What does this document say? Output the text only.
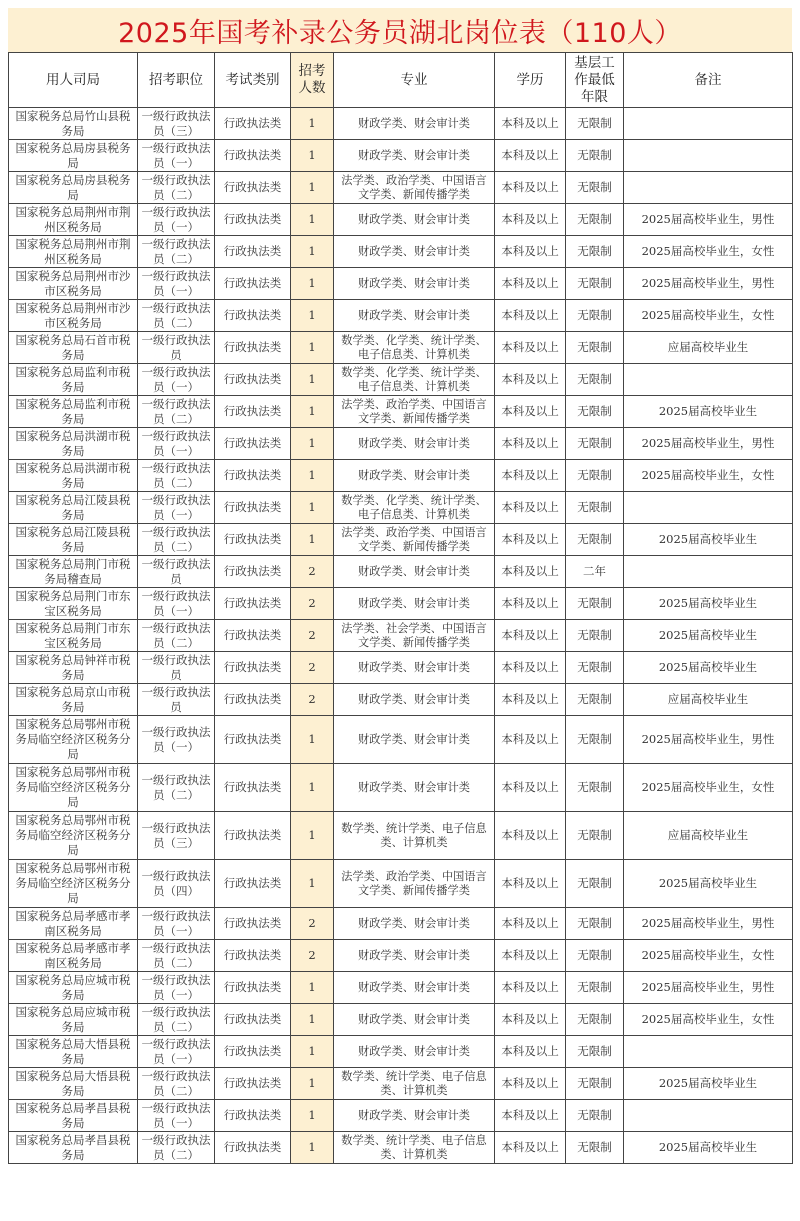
2025年国考补录公务员湖北岗位表（110人）
用人司局	招考职位	考试类别	招考人数	专业	学历	基层工作最低年限	备注
国家税务总局竹山县税务局	一级行政执法员（三）	行政执法类	1	财政学类、财会审计类	本科及以上	无限制	
国家税务总局房县税务局	一级行政执法员（一）	行政执法类	1	财政学类、财会审计类	本科及以上	无限制	
国家税务总局房县税务局	一级行政执法员（二）	行政执法类	1	法学类、政治学类、中国语言文学类、新闻传播学类	本科及以上	无限制	
国家税务总局荆州市荆州区税务局	一级行政执法员（一）	行政执法类	1	财政学类、财会审计类	本科及以上	无限制	2025届高校毕业生，男性
国家税务总局荆州市荆州区税务局	一级行政执法员（二）	行政执法类	1	财政学类、财会审计类	本科及以上	无限制	2025届高校毕业生，女性
国家税务总局荆州市沙市区税务局	一级行政执法员（一）	行政执法类	1	财政学类、财会审计类	本科及以上	无限制	2025届高校毕业生，男性
国家税务总局荆州市沙市区税务局	一级行政执法员（二）	行政执法类	1	财政学类、财会审计类	本科及以上	无限制	2025届高校毕业生，女性
国家税务总局石首市税务局	一级行政执法员	行政执法类	1	数学类、化学类、统计学类、电子信息类、计算机类	本科及以上	无限制	应届高校毕业生
国家税务总局监利市税务局	一级行政执法员（一）	行政执法类	1	数学类、化学类、统计学类、电子信息类、计算机类	本科及以上	无限制	
国家税务总局监利市税务局	一级行政执法员（二）	行政执法类	1	法学类、政治学类、中国语言文学类、新闻传播学类	本科及以上	无限制	2025届高校毕业生
国家税务总局洪湖市税务局	一级行政执法员（一）	行政执法类	1	财政学类、财会审计类	本科及以上	无限制	2025届高校毕业生，男性
国家税务总局洪湖市税务局	一级行政执法员（二）	行政执法类	1	财政学类、财会审计类	本科及以上	无限制	2025届高校毕业生，女性
国家税务总局江陵县税务局	一级行政执法员（一）	行政执法类	1	数学类、化学类、统计学类、电子信息类、计算机类	本科及以上	无限制	
国家税务总局江陵县税务局	一级行政执法员（二）	行政执法类	1	法学类、政治学类、中国语言文学类、新闻传播学类	本科及以上	无限制	2025届高校毕业生
国家税务总局荆门市税务局稽查局	一级行政执法员	行政执法类	2	财政学类、财会审计类	本科及以上	二年	
国家税务总局荆门市东宝区税务局	一级行政执法员（一）	行政执法类	2	财政学类、财会审计类	本科及以上	无限制	2025届高校毕业生
国家税务总局荆门市东宝区税务局	一级行政执法员（二）	行政执法类	2	法学类、社会学类、中国语言文学类、新闻传播学类	本科及以上	无限制	2025届高校毕业生
国家税务总局钟祥市税务局	一级行政执法员	行政执法类	2	财政学类、财会审计类	本科及以上	无限制	2025届高校毕业生
国家税务总局京山市税务局	一级行政执法员	行政执法类	2	财政学类、财会审计类	本科及以上	无限制	应届高校毕业生
国家税务总局鄂州市税务局临空经济区税务分局	一级行政执法员（一）	行政执法类	1	财政学类、财会审计类	本科及以上	无限制	2025届高校毕业生，男性
国家税务总局鄂州市税务局临空经济区税务分局	一级行政执法员（二）	行政执法类	1	财政学类、财会审计类	本科及以上	无限制	2025届高校毕业生，女性
国家税务总局鄂州市税务局临空经济区税务分局	一级行政执法员（三）	行政执法类	1	数学类、统计学类、电子信息类、计算机类	本科及以上	无限制	应届高校毕业生
国家税务总局鄂州市税务局临空经济区税务分局	一级行政执法员（四）	行政执法类	1	法学类、政治学类、中国语言文学类、新闻传播学类	本科及以上	无限制	2025届高校毕业生
国家税务总局孝感市孝南区税务局	一级行政执法员（一）	行政执法类	2	财政学类、财会审计类	本科及以上	无限制	2025届高校毕业生，男性
国家税务总局孝感市孝南区税务局	一级行政执法员（二）	行政执法类	2	财政学类、财会审计类	本科及以上	无限制	2025届高校毕业生，女性
国家税务总局应城市税务局	一级行政执法员（一）	行政执法类	1	财政学类、财会审计类	本科及以上	无限制	2025届高校毕业生，男性
国家税务总局应城市税务局	一级行政执法员（二）	行政执法类	1	财政学类、财会审计类	本科及以上	无限制	2025届高校毕业生，女性
国家税务总局大悟县税务局	一级行政执法员（一）	行政执法类	1	财政学类、财会审计类	本科及以上	无限制	
国家税务总局大悟县税务局	一级行政执法员（二）	行政执法类	1	数学类、统计学类、电子信息类、计算机类	本科及以上	无限制	2025届高校毕业生
国家税务总局孝昌县税务局	一级行政执法员（一）	行政执法类	1	财政学类、财会审计类	本科及以上	无限制	
国家税务总局孝昌县税务局	一级行政执法员（二）	行政执法类	1	数学类、统计学类、电子信息类、计算机类	本科及以上	无限制	2025届高校毕业生
